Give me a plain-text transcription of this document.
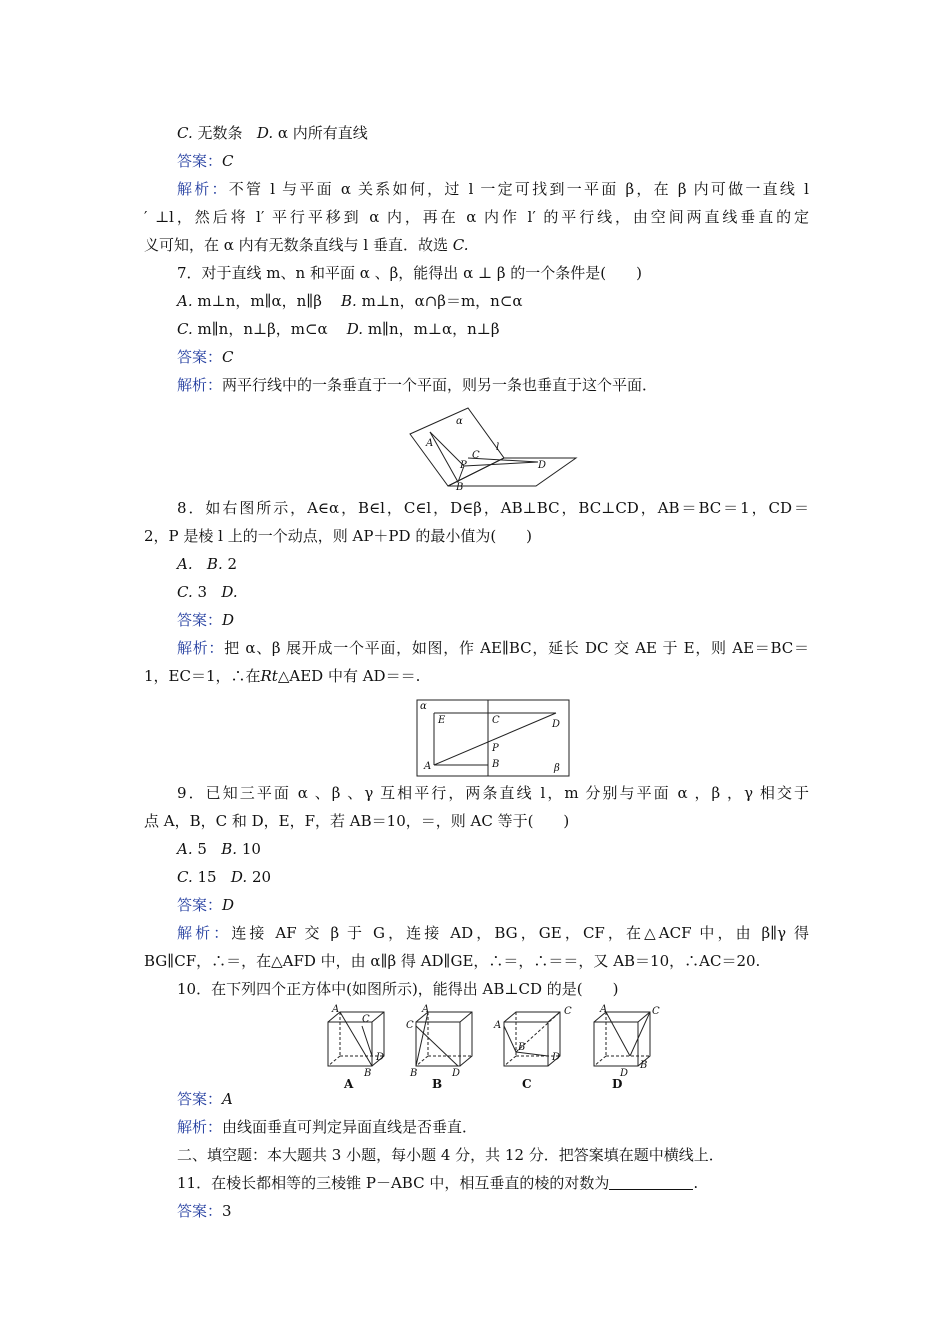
C. 无数条 D. α 内所有直线
答案：C
解析：不管 l 与平面 α 关系如何，过 l 一定可找到一平面 β，在 β 内可做一直线 l
′ ⊥l，然后将 l′ 平行平移到 α 内，再在 α 内作 l′ 的平行线，由空间两直线垂直的定
义可知，在 α 内有无数条直线与 l 垂直．故选 C.
7．对于直线 m、n 和平面 α 、β，能得出 α ⊥ β 的一个条件是(　　)
A. m⊥n，m∥α，n∥β B. m⊥n，α∩β＝m，n⊂α
C. m∥n，n⊥β，m⊂α D. m∥n，m⊥α，n⊥β
答案：C
解析：两平行线中的一条垂直于一个平面，则另一条也垂直于这个平面．
α
l
A
C
P
B
D
8．如右图所示，A∈α，B∈l，C∈l，D∈β，AB⊥BC，BC⊥CD，AB＝BC＝1，CD＝
2，P 是棱 l 上的一个动点，则 AP＋PD 的最小值为(　　)
A. B. 2
C. 3 D.
答案：D
解析：把 α、β 展开成一个平面，如图，作 AE∥BC，延长 DC 交 AE 于 E，则 AE＝BC＝
1，EC＝1，∴在Rt△AED 中有 AD＝＝.
α
E	C	D
P
A	B	β
9．已知三平面 α 、β 、γ 互相平行，两条直线 l，m 分别与平面 α ，β ，γ 相交于
点 A，B，C 和 D，E，F，若 AB＝10，＝，则 AC 等于(　　)
A. 5 B. 10
C. 15 D. 20
答案：D
解析：连接 AF 交 β 于 G，连接 AD，BG，GE，CF，在△ACF 中，由 β∥γ 得
BG∥CF，∴＝，在△AFD 中，由 α∥β 得 AD∥GE，∴＝，∴＝＝，又 AB＝10，∴AC＝20.
10．在下列四个正方体中(如图所示)，能得出 AB⊥CD 的是(　　)
A
C
D
B
A
C
B	D
A
C
B
D
A	C
D
B
A	B	C	D
答案：A
解析：由线面垂直可判定异面直线是否垂直．
二、填空题：本大题共 3 小题，每小题 4 分，共 12 分．把答案填在题中横线上．
11．在棱长都相等的三棱锥 P－ABC 中，相互垂直的棱的对数为	.
答案：3
